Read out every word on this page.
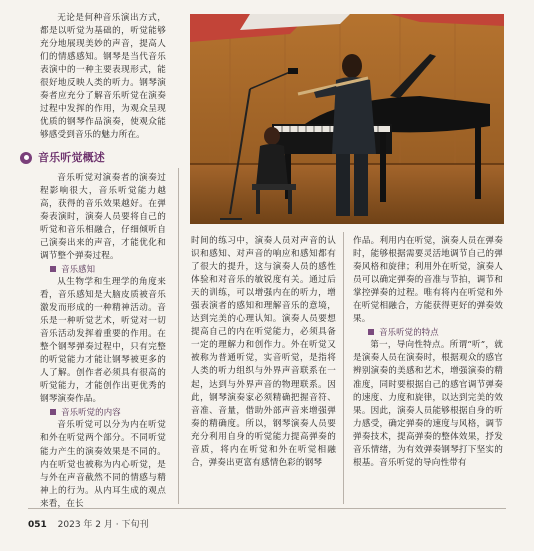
无论是何种音乐演出方式，都是以听觉为基础的，听觉能够充分地展现美妙的声音，提高人们的情感感知。钢琴是当代音乐表演中的一种主要表现形式，能很好地反映人类的听力。钢琴演奏者应充分了解音乐听觉在演奏过程中发挥的作用，为观众呈现优质的钢琴作品演奏，使观众能够感受到音乐的魅力所在。

音乐听觉概述

音乐听觉对演奏者的演奏过程影响很大，音乐听觉能力越高，获得的音乐效果越好。在弹奏表演时，演奏人员要将自己的听觉和音乐相融合，仔细倾听自己演奏出来的声音，才能优化和调节整个弹奏过程。

音乐感知

从生物学和生理学的角度来看，音乐感知是大脑皮质被音乐激发而形成的一种精神活动。音乐是一种听觉艺术，听觉对一切音乐活动发挥着重要的作用。在整个钢琴弹奏过程中，只有完整的听觉能力才能让钢琴被更多的人了解。创作者必须具有很高的听觉能力，才能创作出更优秀的钢琴演奏作品。

音乐听觉的内容

音乐听觉可以分为内在听觉和外在听觉两个部分。不同听觉能力产生的演奏效果是不同的。内在听觉也被称为内心听觉，是与外在声音截然不同的情感与精神上的行为。从内耳生成的观点来看，在长

时间的练习中，演奏人员对声音的认识和感知、对声音的响应和感知都有了很大的提升，这与演奏人员的感性体验和对音乐的敏锐度有关。通过后天的训练，可以增强内在的听力，增强表演者的感知和理解音乐的意境，达到完美的心理认知。演奏人员要想提高自己的内在听觉能力，必须具备一定的理解力和创作力。外在听觉又被称为普通听觉，实音听觉，是指将人类的听力组织与外界声音联系在一起，达到与外界声音的物理联系。因此，钢琴演奏家必须精确把握音符、音准、音量，借助外部声音来增强弹奏的精确度。所以，钢琴演奏人员要充分利用自身的听觉能力提高弹奏的音质，将内在听觉和外在听觉相融合，弹奏出更富有感情色彩的钢琴

作品。利用内在听觉，演奏人员在弹奏时，能够根据需要灵活地调节自己的弹奏风格和旋律；利用外在听觉，演奏人员可以确定弹奏的音准与节拍，调节和掌控弹奏的过程。唯有将内在听觉和外在听觉相融合，方能获得更好的弹奏效果。

音乐听觉的特点

第一，导向性特点。所谓“听”，就是演奏人员在演奏时，根据观众的感官辨别演奏的美感和艺术，增强演奏的精准度，同时要根据自己的感官调节弹奏的速度、力度和旋律，以达到完美的效果。因此，演奏人员能够根据自身的听力感受，确定弹奏的速度与风格，调节弹奏技术，提高弹奏的整体效果，抒发音乐情绪，为有效弹奏钢琴打下坚实的根基。音乐听觉的导向性带有

051 2023 年 2 月 · 下旬刊
